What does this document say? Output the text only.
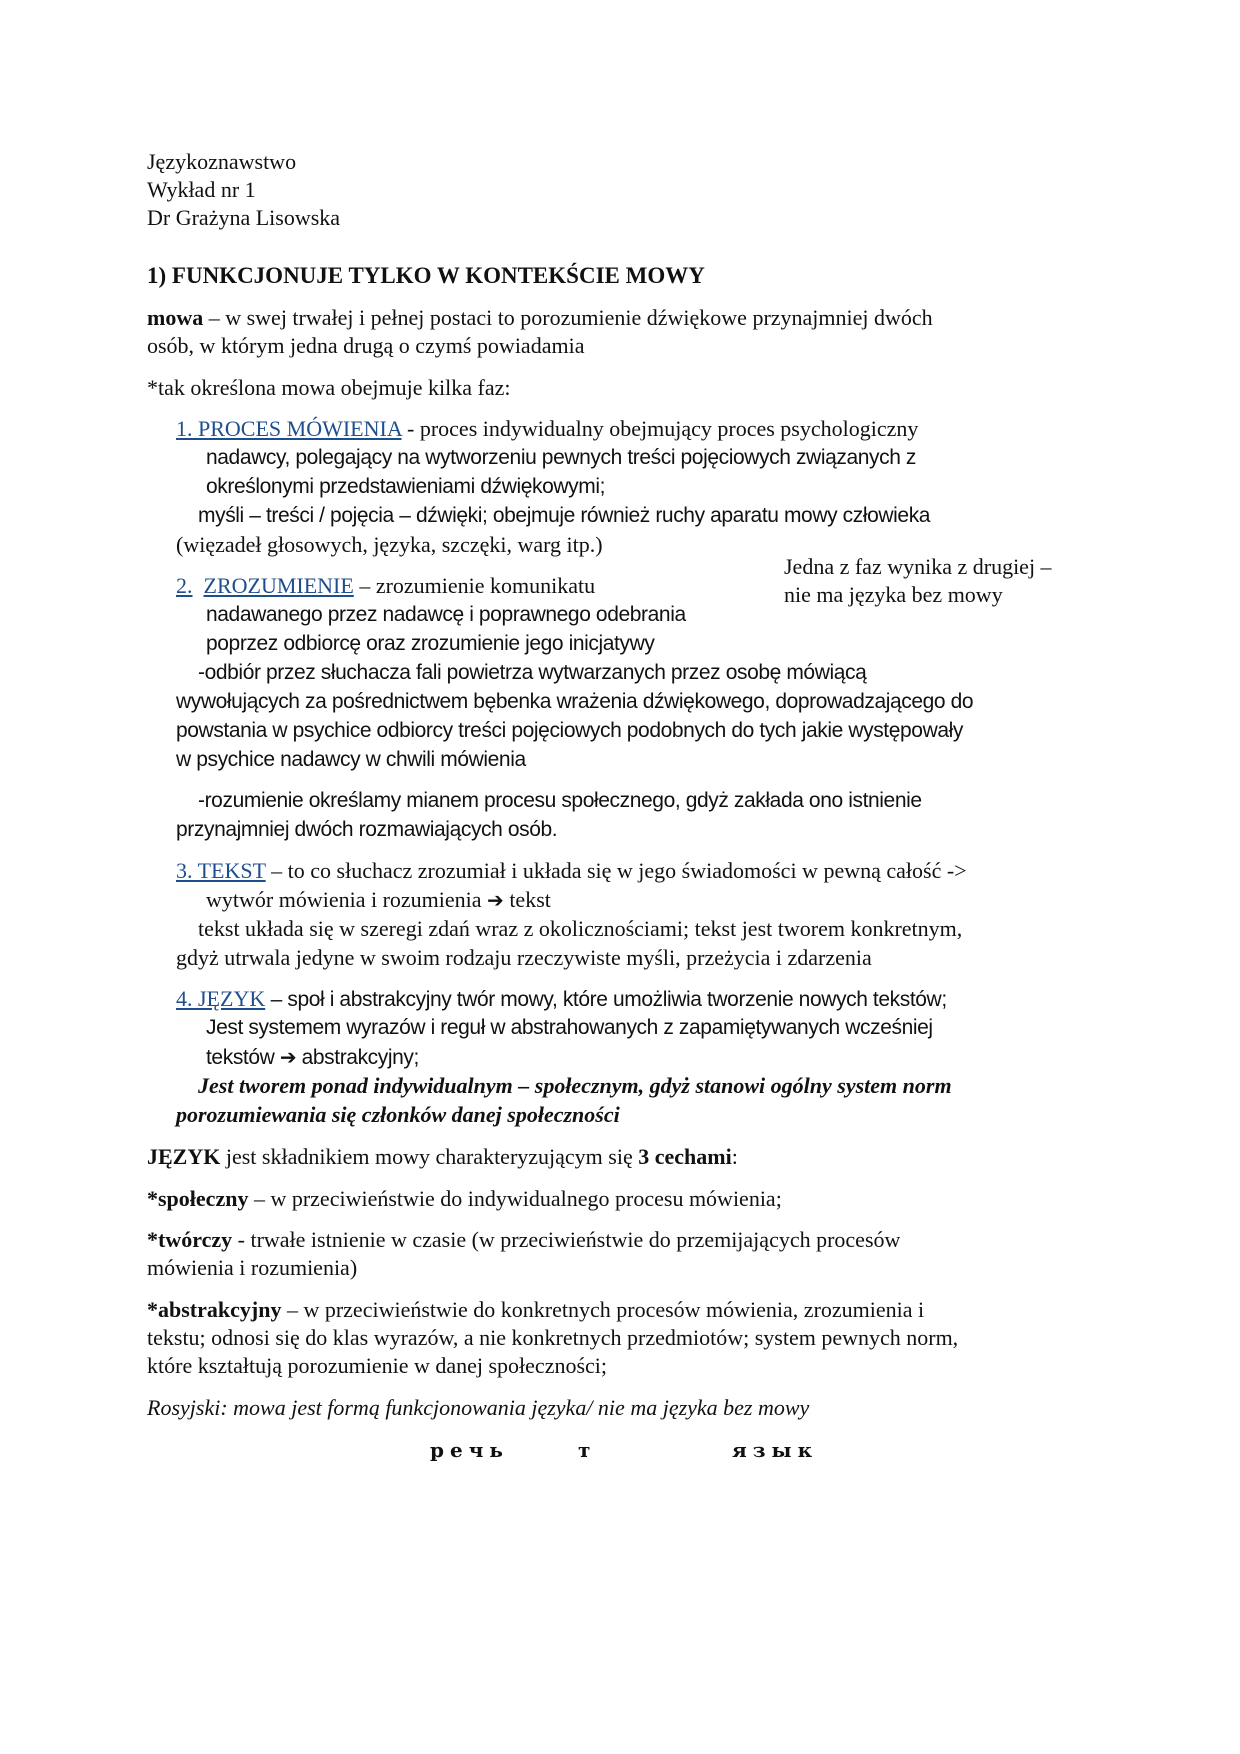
Językoznawstwo
Wykład nr 1
Dr Grażyna Lisowska
1) FUNKCJONUJE TYLKO W KONTEKŚCIE MOWY
mowa – w swej trwałej i pełnej postaci to porozumienie dźwiękowe przynajmniej dwóch
osób, w którym jedna drugą o czymś powiadamia
*tak określona mowa obejmuje kilka faz:
1. PROCES MÓWIENIA - proces indywidualny obejmujący proces psychologiczny
nadawcy, polegający na wytworzeniu pewnych treści pojęciowych związanych z
określonymi przedstawieniami dźwiękowymi;
myśli – treści / pojęcia – dźwięki; obejmuje również ruchy aparatu mowy człowieka
(więzadeł głosowych, języka, szczęki, warg itp.)
Jedna z faz wynika z drugiej –
nie ma języka bez mowy
2. ZROZUMIENIE – zrozumienie komunikatu
nadawanego przez nadawcę i poprawnego odebrania
poprzez odbiorcę oraz zrozumienie jego inicjatywy
-odbiór przez słuchacza fali powietrza wytwarzanych przez osobę mówiącą
wywołujących za pośrednictwem bębenka wrażenia dźwiękowego, doprowadzającego do
powstania w psychice odbiorcy treści pojęciowych podobnych do tych jakie występowały
w psychice nadawcy w chwili mówienia
-rozumienie określamy mianem procesu społecznego, gdyż zakłada ono istnienie
przynajmniej dwóch rozmawiających osób.
3. TEKST – to co słuchacz zrozumiał i układa się w jego świadomości w pewną całość ->
wytwór mówienia i rozumienia ➔ tekst
tekst układa się w szeregi zdań wraz z okolicznościami; tekst jest tworem konkretnym,
gdyż utrwala jedyne w swoim rodzaju rzeczywiste myśli, przeżycia i zdarzenia
4. JĘZYK – społ i abstrakcyjny twór mowy, które umożliwia tworzenie nowych tekstów;
Jest systemem wyrazów i reguł w abstrahowanych z zapamiętywanych wcześniej
tekstów ➔ abstrakcyjny;
Jest tworem ponad indywidualnym – społecznym, gdyż stanowi ogólny system norm
porozumiewania się członków danej społeczności
JĘZYK jest składnikiem mowy charakteryzującym się 3 cechami:
*społeczny – w przeciwieństwie do indywidualnego procesu mówienia;
*twórczy - trwałe istnienie w czasie (w przeciwieństwie do przemijających procesów
mówienia i rozumienia)
*abstrakcyjny – w przeciwieństwie do konkretnych procesów mówienia, zrozumienia i
tekstu; odnosi się do klas wyrazów, a nie konkretnych przedmiotów; system pewnych norm,
które kształtują porozumienie w danej społeczności;
Rosyjski: mowa jest formą funkcjonowania języka/ nie ma języka bez mowy
речь	т	язык
